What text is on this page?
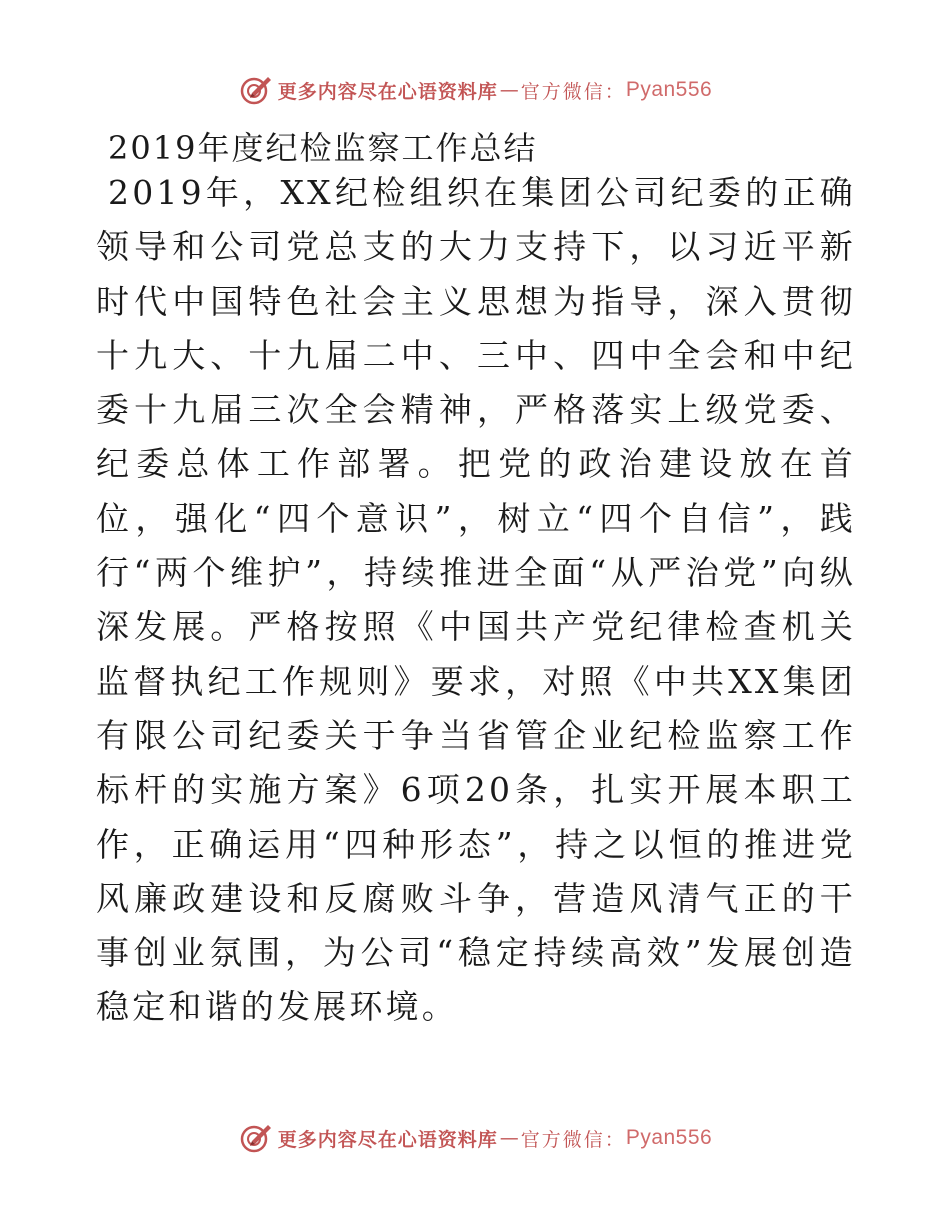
更多内容尽在心语资料库 — 官方微信： Pyan556
2019年度纪检监察工作总结

2019年，XX纪检组织在集团公司纪委的正确领导和公司党总支的大力支持下，以习近平新时代中国特色社会主义思想为指导，深入贯彻十九大、十九届二中、三中、四中全会和中纪委十九届三次全会精神，严格落实上级党委、纪委总体工作部署。把党的政治建设放在首位，强化“四个意识”，树立“四个自信”，践行“两个维护”，持续推进全面“从严治党”向纵深发展。严格按照《中国共产党纪律检查机关监督执纪工作规则》要求，对照《中共XX集团有限公司纪委关于争当省管企业纪检监察工作标杆的实施方案》6项20条，扎实开展本职工作，正确运用“四种形态”，持之以恒的推进党风廉政建设和反腐败斗争，营造风清气正的干事创业氛围，为公司“稳定持续高效”发展创造稳定和谐的发展环境。

更多内容尽在心语资料库 — 官方微信： Pyan556
